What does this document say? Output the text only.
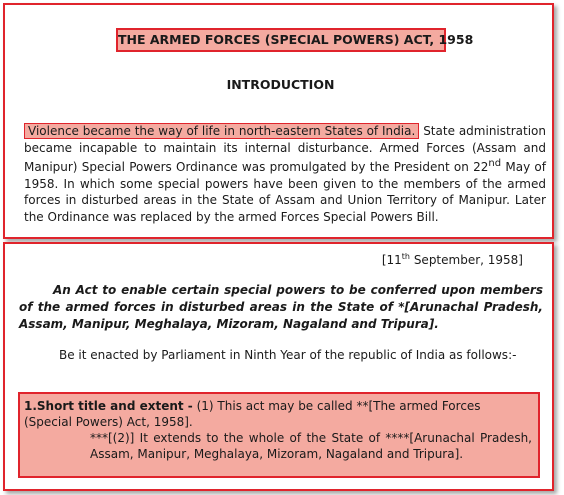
THE ARMED FORCES (SPECIAL POWERS) ACT, 1958
INTRODUCTION
Violence became the way of life in north-eastern States of India. State administration became incapable to maintain its internal disturbance. Armed Forces (Assam and Manipur) Special Powers Ordinance was promulgated by the President on 22nd May of 1958. In which some special powers have been given to the members of the armed forces in disturbed areas in the State of Assam and Union Territory of Manipur. Later the Ordinance was replaced by the armed Forces Special Powers Bill.
[11th September, 1958]
An Act to enable certain special powers to be conferred upon members of the armed forces in disturbed areas in the State of *[Arunachal Pradesh, Assam, Manipur, Meghalaya, Mizoram, Nagaland and Tripura].
Be it enacted by Parliament in Ninth Year of the republic of India as follows:-
1.Short title and extent - (1) This act may be called **[The armed Forces (Special Powers) Act, 1958].
***[(2)] It extends to the whole of the State of ****[Arunachal Pradesh, Assam, Manipur, Meghalaya, Mizoram, Nagaland and Tripura].
